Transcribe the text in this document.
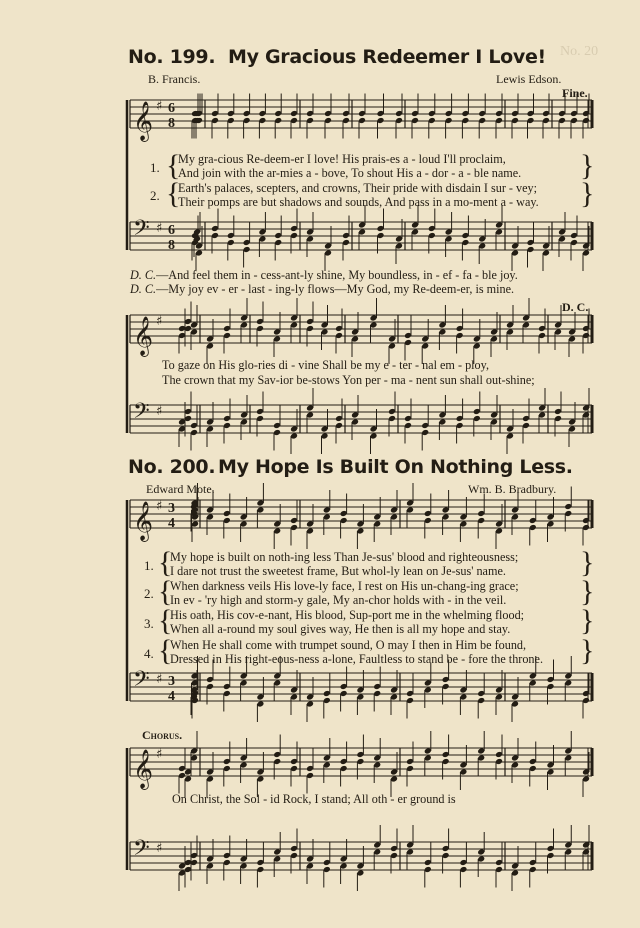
No. 20
No. 199. My Gracious Redeemer I Love!
B. Francis.	Lewis Edson.
Fine.
1. {
My gra-cious Re-deem-er I love! His prais-es a - loud I'll proclaim,
And join with the ar-mies a - bove, To shout His a - dor - a - ble name. }
2. {
Earth's palaces, scepters, and crowns, Their pride with disdain I sur - vey;
Their pomps are but shadows and sounds, And pass in a mo-ment a - way. }
D. C.—And feel them in - cess-ant-ly shine, My boundless, in - ef - fa - ble joy.
D. C.—My joy ev - er - last - ing-ly flows—My God, my Re-deem-er, is mine.
D. C.
To gaze on His glo-ries di - vine Shall be my e - ter - nal em - ploy,
The crown that my Sav-ior be-stows Yon per - ma - nent sun shall out-shine;
No. 200. My Hope Is Built On Nothing Less.
Edward Mote.	Wm. B. Bradbury.
1. {
My hope is built on noth-ing less Than Je-sus' blood and righteousness;
I dare not trust the sweetest frame, But whol-ly lean on Je-sus' name. }
2. {
When darkness veils His love-ly face, I rest on His un-chang-ing grace;
In ev - 'ry high and storm-y gale, My an-chor holds with - in the veil. }
3. {
His oath, His cov-e-nant, His blood, Sup-port me in the whelming flood;
When all a-round my soul gives way, He then is all my hope and stay. }
4. {
When He shall come with trumpet sound, O may I then in Him be found,
Dressed in His right-eous-ness a-lone, Faultless to stand be - fore the throne. }
Chorus.
On Christ, the Sol - id Rock, I stand; All oth - er ground is
𝄞 ♯ 6
8
𝄢 ♯ 6
8
𝄞 ♯
𝄢 ♯
𝄞 ♯ 3
4
𝄢 ♯ 3
4
𝄞 ♯
𝄢 ♯
